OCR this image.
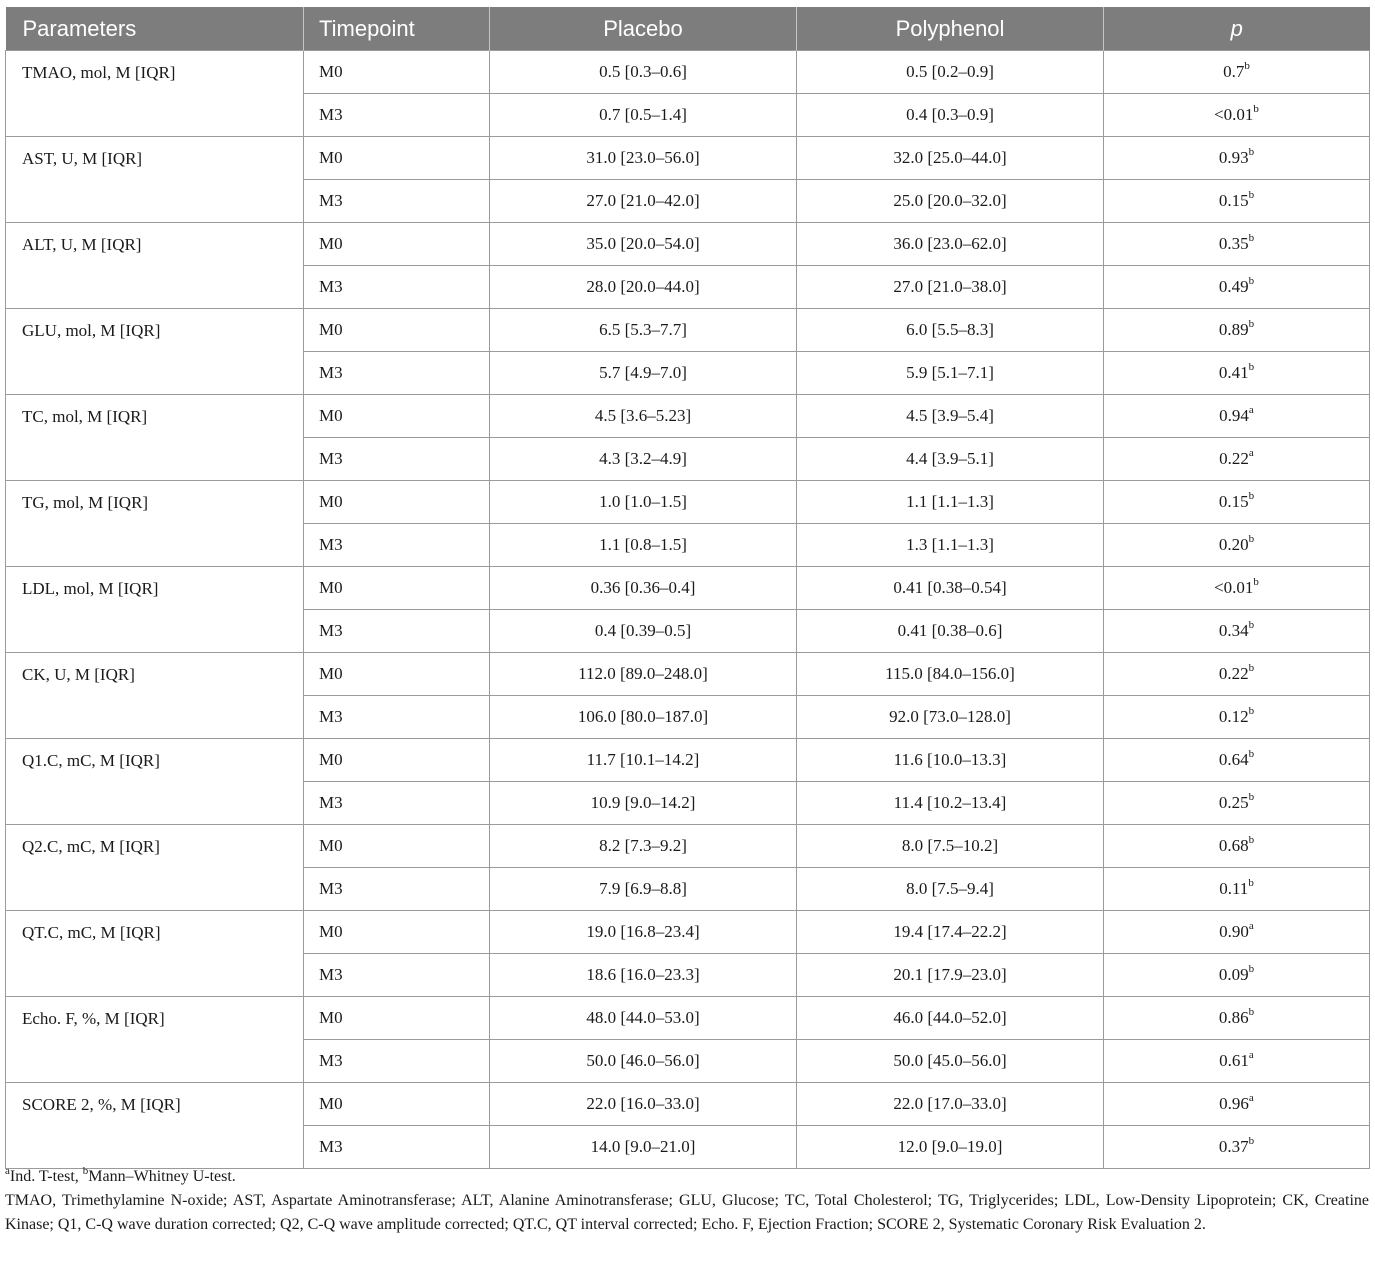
Parameters	Timepoint	Placebo	Polyphenol	p
TMAO, mol, M [IQR]	M0	0.5 [0.3–0.6]	0.5 [0.2–0.9]	0.7$^b$
	M3	0.7 [0.5–1.4]	0.4 [0.3–0.9]	<0.01$^b$
AST, U, M [IQR]	M0	31.0 [23.0–56.0]	32.0 [25.0–44.0]	0.93$^b$
	M3	27.0 [21.0–42.0]	25.0 [20.0–32.0]	0.15$^b$
ALT, U, M [IQR]	M0	35.0 [20.0–54.0]	36.0 [23.0–62.0]	0.35$^b$
	M3	28.0 [20.0–44.0]	27.0 [21.0–38.0]	0.49$^b$
GLU, mol, M [IQR]	M0	6.5 [5.3–7.7]	6.0 [5.5–8.3]	0.89$^b$
	M3	5.7 [4.9–7.0]	5.9 [5.1–7.1]	0.41$^b$
TC, mol, M [IQR]	M0	4.5 [3.6–5.23]	4.5 [3.9–5.4]	0.94$^a$
	M3	4.3 [3.2–4.9]	4.4 [3.9–5.1]	0.22$^a$
TG, mol, M [IQR]	M0	1.0 [1.0–1.5]	1.1 [1.1–1.3]	0.15$^b$
	M3	1.1 [0.8–1.5]	1.3 [1.1–1.3]	0.20$^b$
LDL, mol, M [IQR]	M0	0.36 [0.36–0.4]	0.41 [0.38–0.54]	<0.01$^b$
	M3	0.4 [0.39–0.5]	0.41 [0.38–0.6]	0.34$^b$
CK, U, M [IQR]	M0	112.0 [89.0–248.0]	115.0 [84.0–156.0]	0.22$^b$
	M3	106.0 [80.0–187.0]	92.0 [73.0–128.0]	0.12$^b$
Q1.C, mC, M [IQR]	M0	11.7 [10.1–14.2]	11.6 [10.0–13.3]	0.64$^b$
	M3	10.9 [9.0–14.2]	11.4 [10.2–13.4]	0.25$^b$
Q2.C, mC, M [IQR]	M0	8.2 [7.3–9.2]	8.0 [7.5–10.2]	0.68$^b$
	M3	7.9 [6.9–8.8]	8.0 [7.5–9.4]	0.11$^b$
QT.C, mC, M [IQR]	M0	19.0 [16.8–23.4]	19.4 [17.4–22.2]	0.90$^a$
	M3	18.6 [16.0–23.3]	20.1 [17.9–23.0]	0.09$^b$
Echo. F, %, M [IQR]	M0	48.0 [44.0–53.0]	46.0 [44.0–52.0]	0.86$^b$
	M3	50.0 [46.0–56.0]	50.0 [45.0–56.0]	0.61$^a$
SCORE 2, %, M [IQR]	M0	22.0 [16.0–33.0]	22.0 [17.0–33.0]	0.96$^a$
	M3	14.0 [9.0–21.0]	12.0 [9.0–19.0]	0.37$^b$

$^a$Ind. T-test, $^b$Mann–Whitney U-test.

TMAO, Trimethylamine N-oxide; AST, Aspartate Aminotransferase; ALT, Alanine Aminotransferase; GLU, Glucose; TC, Total Cholesterol; TG, Triglycerides; LDL, Low-Density Lipoprotein; CK, Creatine Kinase; Q1, C-Q wave duration corrected; Q2, C-Q wave amplitude corrected; QT.C, QT interval corrected; Echo. F, Ejection Fraction; SCORE 2, Systematic Coronary Risk Evaluation 2.
